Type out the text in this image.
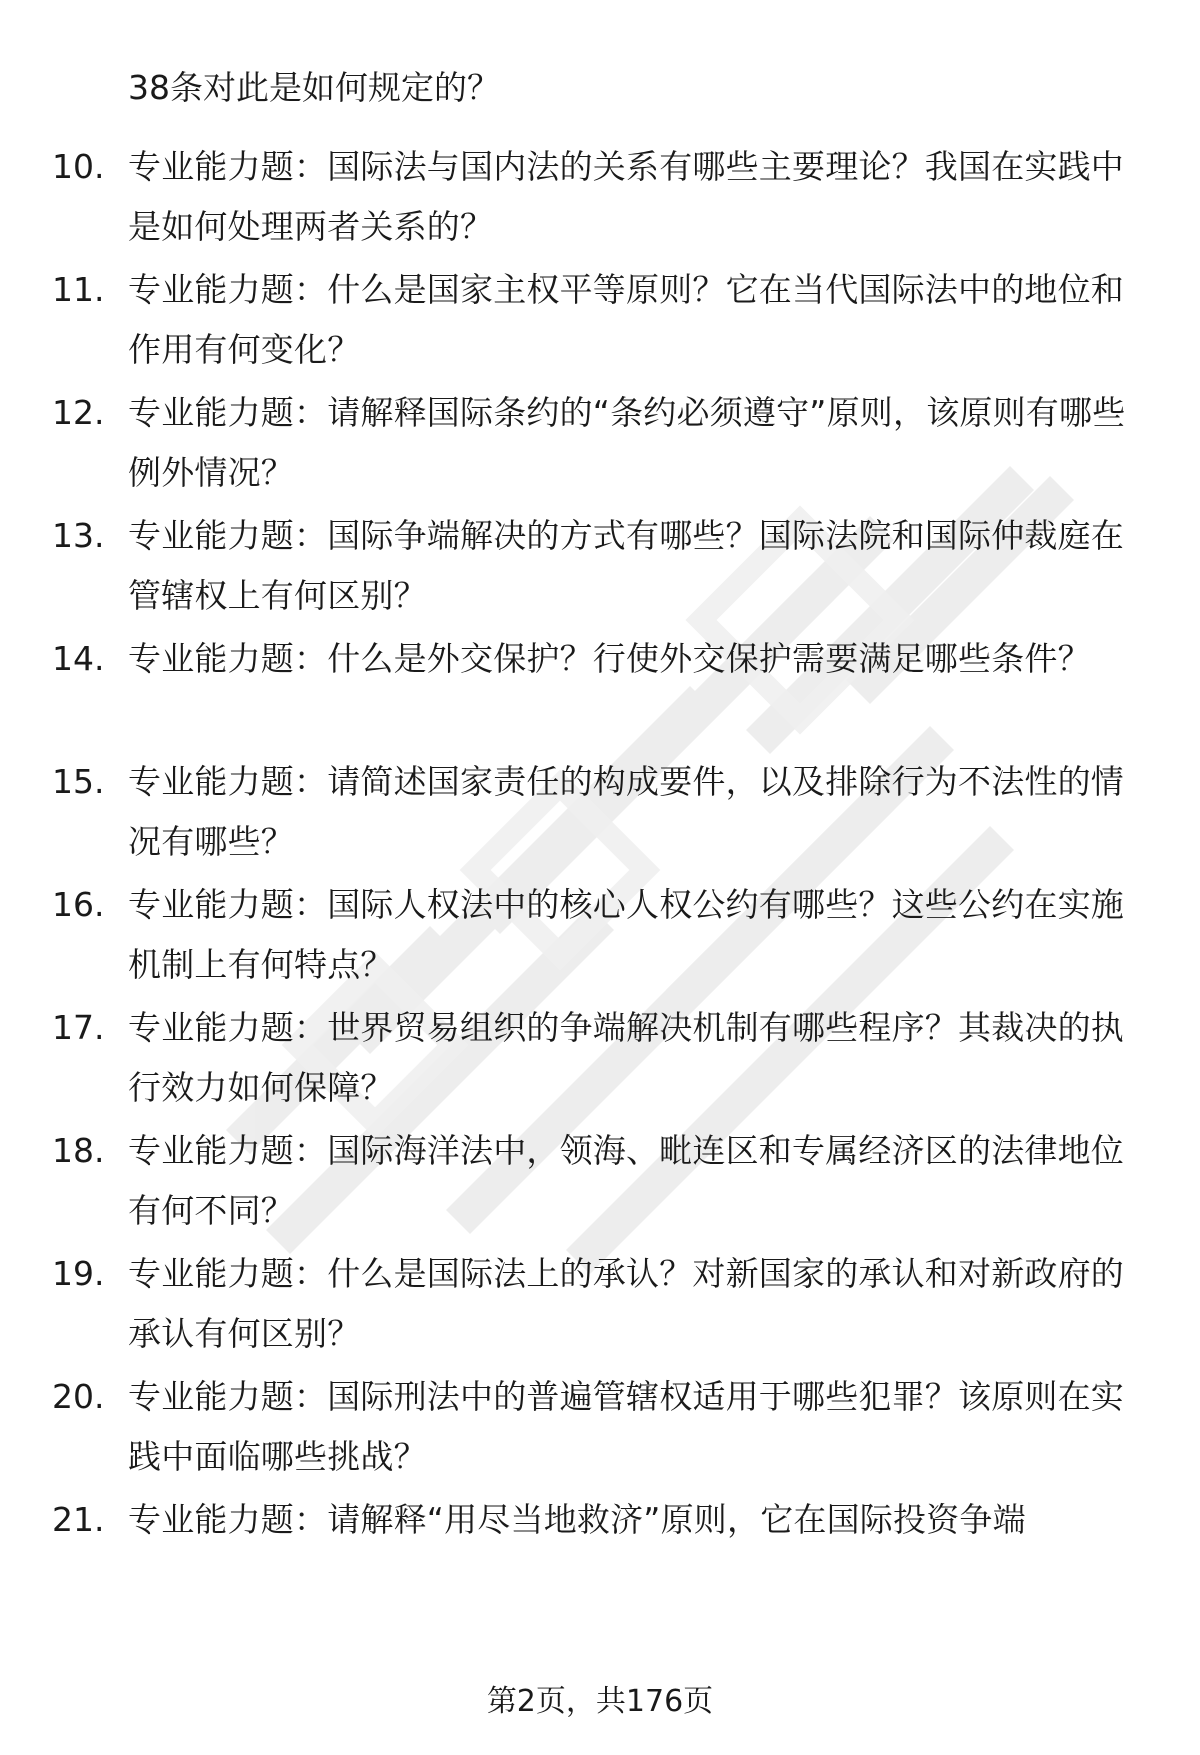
38条对此是如何规定的？
10. 专业能力题：国际法与国内法的关系有哪些主要理论？我国在实践中是如何处理两者关系的？
11. 专业能力题：什么是国家主权平等原则？它在当代国际法中的地位和作用有何变化？
12. 专业能力题：请解释国际条约的“条约必须遵守”原则，该原则有哪些例外情况？
13. 专业能力题：国际争端解决的方式有哪些？国际法院和国际仲裁庭在管辖权上有何区别？
14. 专业能力题：什么是外交保护？行使外交保护需要满足哪些条件？
15. 专业能力题：请简述国家责任的构成要件，以及排除行为不法性的情况有哪些？
16. 专业能力题：国际人权法中的核心人权公约有哪些？这些公约在实施机制上有何特点？
17. 专业能力题：世界贸易组织的争端解决机制有哪些程序？其裁决的执行效力如何保障？
18. 专业能力题：国际海洋法中，领海、毗连区和专属经济区的法律地位有何不同？
19. 专业能力题：什么是国际法上的承认？对新国家的承认和对新政府的承认有何区别？
20. 专业能力题：国际刑法中的普遍管辖权适用于哪些犯罪？该原则在实践中面临哪些挑战？
21. 专业能力题：请解释“用尽当地救济”原则，它在国际投资争端
第2页，共176页
